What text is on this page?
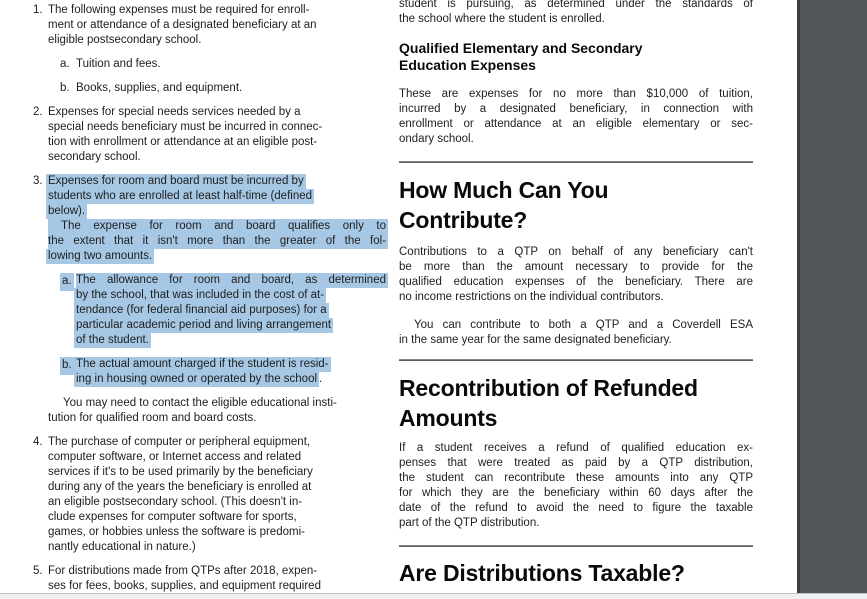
1. The following expenses must be required for enroll-
ment or attendance of a designated beneficiary at an
eligible postsecondary school.
a. Tuition and fees.
b. Books, supplies, and equipment.
2. Expenses for special needs services needed by a
special needs beneficiary must be incurred in connec-
tion with enrollment or attendance at an eligible post-
secondary school.
3. Expenses for room and board must be incurred by
students who are enrolled at least half-time (defined
below).
The expense for room and board qualifies only to
the extent that it isn't more than the greater of the fol-
lowing two amounts.
a. The allowance for room and board, as determined
by the school, that was included in the cost of at-
tendance (for federal financial aid purposes) for a
particular academic period and living arrangement
of the student.
b. The actual amount charged if the student is resid-
ing in housing owned or operated by the school .
You may need to contact the eligible educational insti-
tution for qualified room and board costs.
4. The purchase of computer or peripheral equipment,
computer software, or Internet access and related
services if it's to be used primarily by the beneficiary
during any of the years the beneficiary is enrolled at
an eligible postsecondary school. (This doesn't in-
clude expenses for computer software for sports,
games, or hobbies unless the software is predomi-
nantly educational in nature.)
5. For distributions made from QTPs after 2018, expen-
ses for fees, books, supplies, and equipment required
student is pursuing, as determined under the standards of
the school where the student is enrolled.
Qualified Elementary and Secondary
Education Expenses
These are expenses for no more than $10,000 of tuition,
incurred by a designated beneficiary, in connection with
enrollment or attendance at an eligible elementary or sec-
ondary school.
How Much Can You
Contribute?
Contributions to a QTP on behalf of any beneficiary can't
be more than the amount necessary to provide for the
qualified education expenses of the beneficiary. There are
no income restrictions on the individual contributors.
You can contribute to both a QTP and a Coverdell ESA
in the same year for the same designated beneficiary.
Recontribution of Refunded
Amounts
If a student receives a refund of qualified education ex-
penses that were treated as paid by a QTP distribution,
the student can recontribute these amounts into any QTP
for which they are the beneficiary within 60 days after the
date of the refund to avoid the need to figure the taxable
part of the QTP distribution.
Are Distributions Taxable?
